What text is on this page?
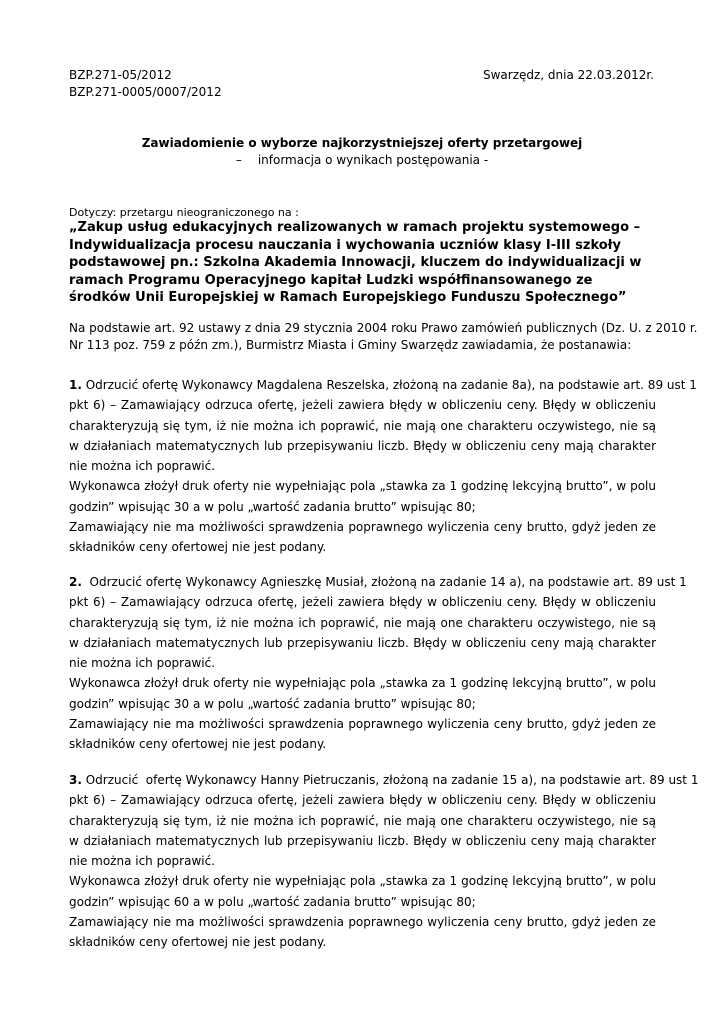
BZP.271-05/2012
BZP.271-0005/0007/2012
Swarzędz, dnia 22.03.2012r.
Zawiadomienie o wyborze najkorzystniejszej oferty przetargowej
– informacja o wynikach postępowania -
Dotyczy: przetargu nieograniczonego na :
„Zakup usług edukacyjnych realizowanych w ramach projektu systemowego –
Indywidualizacja procesu nauczania i wychowania uczniów klasy I-III szkoły
podstawowej pn.: Szkolna Akademia Innowacji, kluczem do indywidualizacji w
ramach Programu Operacyjnego kapitał Ludzki współfinansowanego ze
środków Unii Europejskiej w Ramach Europejskiego Funduszu Społecznego”
Na podstawie art. 92 ustawy z dnia 29 stycznia 2004 roku Prawo zamówień publicznych (Dz. U. z 2010 r.
Nr 113 poz. 759 z późn zm.), Burmistrz Miasta i Gminy Swarzędz zawiadamia, że postanawia:
1. Odrzucić ofertę Wykonawcy Magdalena Reszelska, złożoną na zadanie 8a), na podstawie art. 89 ust 1
pkt 6) – Zamawiający odrzuca ofertę, jeżeli zawiera błędy w obliczeniu ceny. Błędy w obliczeniu
charakteryzują się tym, iż nie można ich poprawić, nie mają one charakteru oczywistego, nie są
w działaniach matematycznych lub przepisywaniu liczb. Błędy w obliczeniu ceny mają charakter
nie można ich poprawić.
Wykonawca złożył druk oferty nie wypełniając pola „stawka za 1 godzinę lekcyjną brutto”, w polu
godzin” wpisując 30 a w polu „wartość zadania brutto” wpisując 80;
Zamawiający nie ma możliwości sprawdzenia poprawnego wyliczenia ceny brutto, gdyż jeden ze
składników ceny ofertowej nie jest podany.
2.  Odrzucić ofertę Wykonawcy Agnieszkę Musiał, złożoną na zadanie 14 a), na podstawie art. 89 ust 1
pkt 6) – Zamawiający odrzuca ofertę, jeżeli zawiera błędy w obliczeniu ceny. Błędy w obliczeniu
charakteryzują się tym, iż nie można ich poprawić, nie mają one charakteru oczywistego, nie są
w działaniach matematycznych lub przepisywaniu liczb. Błędy w obliczeniu ceny mają charakter
nie można ich poprawić.
Wykonawca złożył druk oferty nie wypełniając pola „stawka za 1 godzinę lekcyjną brutto”, w polu
godzin” wpisując 30 a w polu „wartość zadania brutto” wpisując 80;
Zamawiający nie ma możliwości sprawdzenia poprawnego wyliczenia ceny brutto, gdyż jeden ze
składników ceny ofertowej nie jest podany.
3. Odrzucić  ofertę Wykonawcy Hanny Pietruczanis, złożoną na zadanie 15 a), na podstawie art. 89 ust 1
pkt 6) – Zamawiający odrzuca ofertę, jeżeli zawiera błędy w obliczeniu ceny. Błędy w obliczeniu
charakteryzują się tym, iż nie można ich poprawić, nie mają one charakteru oczywistego, nie są
w działaniach matematycznych lub przepisywaniu liczb. Błędy w obliczeniu ceny mają charakter
nie można ich poprawić.
Wykonawca złożył druk oferty nie wypełniając pola „stawka za 1 godzinę lekcyjną brutto”, w polu
godzin” wpisując 60 a w polu „wartość zadania brutto” wpisując 80;
Zamawiający nie ma możliwości sprawdzenia poprawnego wyliczenia ceny brutto, gdyż jeden ze
składników ceny ofertowej nie jest podany.
